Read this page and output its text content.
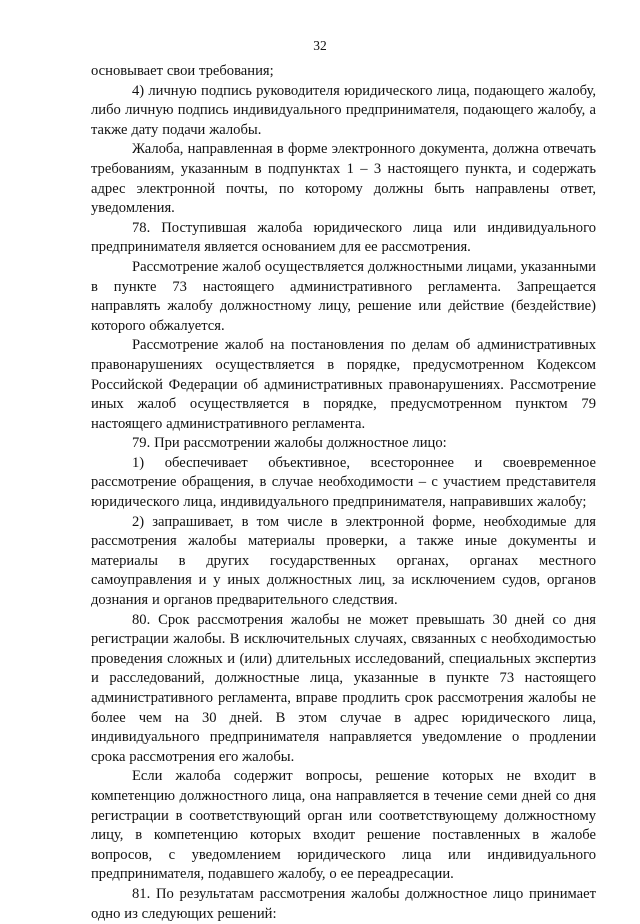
32

основывает свои требования;

4) личную подпись руководителя юридического лица, подающего жалобу, либо личную подпись индивидуального предпринимателя, подающего жалобу, а также дату подачи жалобы.

Жалоба, направленная в форме электронного документа, должна отвечать требованиям, указанным в подпунктах 1 – 3 настоящего пункта, и содержать адрес электронной почты, по которому должны быть направлены ответ, уведомления.

78. Поступившая жалоба юридического лица или индивидуального предпринимателя является основанием для ее рассмотрения.

Рассмотрение жалоб осуществляется должностными лицами, указанными в пункте 73 настоящего административного регламента. Запрещается направлять жалобу должностному лицу, решение или действие (бездействие) которого обжалуется.

Рассмотрение жалоб на постановления по делам об административных правонарушениях осуществляется в порядке, предусмотренном Кодексом Российской Федерации об административных правонарушениях. Рассмотрение иных жалоб осуществляется в порядке, предусмотренном пунктом 79 настоящего административного регламента.

79. При рассмотрении жалобы должностное лицо:

1) обеспечивает объективное, всестороннее и своевременное рассмотрение обращения, в случае необходимости – с участием представителя юридического лица, индивидуального предпринимателя, направивших жалобу;

2) запрашивает, в том числе в электронной форме, необходимые для рассмотрения жалобы материалы проверки, а также иные документы и материалы в других государственных органах, органах местного самоуправления и у иных должностных лиц, за исключением судов, органов дознания и органов предварительного следствия.

80. Срок рассмотрения жалобы не может превышать 30 дней со дня регистрации жалобы. В исключительных случаях, связанных с необходимостью проведения сложных и (или) длительных исследований, специальных экспертиз и расследований, должностные лица, указанные в пункте 73 настоящего административного регламента, вправе продлить срок рассмотрения жалобы не более чем на 30 дней. В этом случае в адрес юридического лица, индивидуального предпринимателя направляется уведомление о продлении срока рассмотрения его жалобы.

Если жалоба содержит вопросы, решение которых не входит в компетенцию должностного лица, она направляется в течение семи дней со дня регистрации в соответствующий орган или соответствующему должностному лицу, в компетенцию которых входит решение поставленных в жалобе вопросов, с уведомлением юридического лица или индивидуального предпринимателя, подавшего жалобу, о ее переадресации.

81. По результатам рассмотрения жалобы должностное лицо принимает одно из следующих решений:
